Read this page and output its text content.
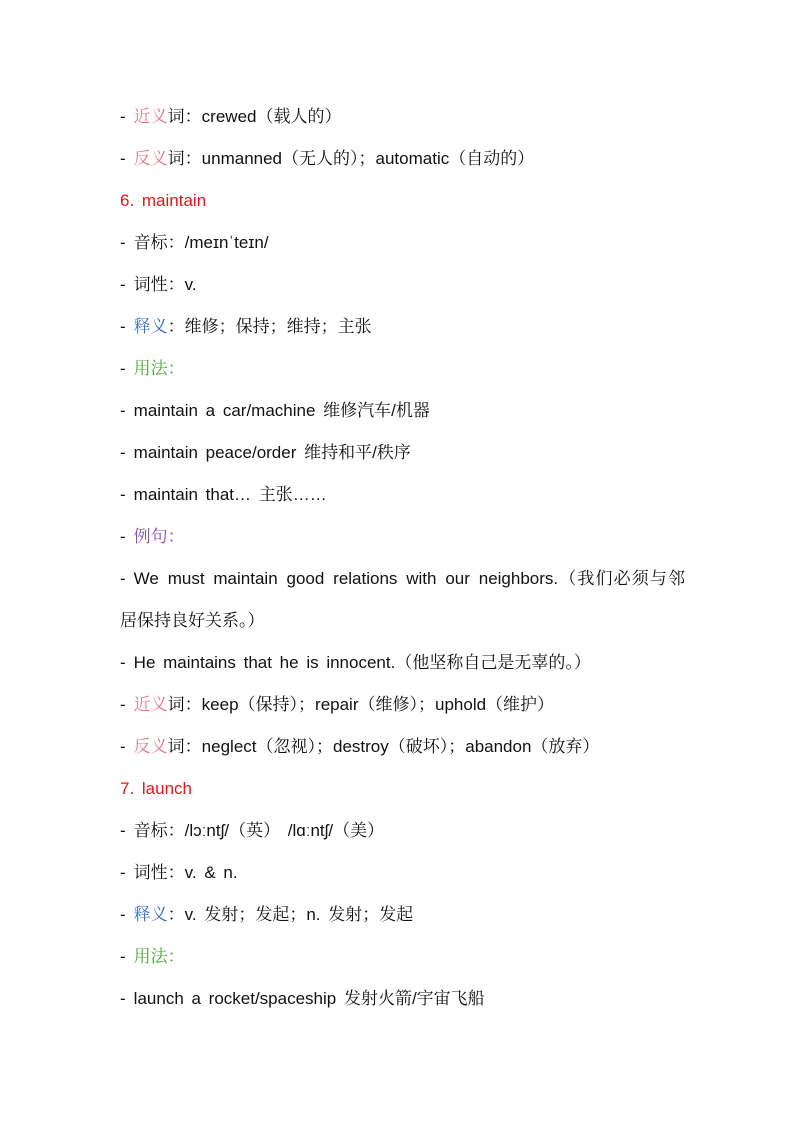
- 近义词：crewed（载人的）
- 反义词：unmanned（无人的）；automatic（自动的）
6. maintain
- 音标：/meɪnˈteɪn/
- 词性：v.
- 释义：维修；保持；维持；主张
- 用法：
- maintain a car/machine 维修汽车/机器
- maintain peace/order 维持和平/秩序
- maintain that… 主张……
- 例句：
- We must maintain good relations with our neighbors.（我们必须与邻居保持良好关系。）
- He maintains that he is innocent.（他坚称自己是无辜的。）
- 近义词：keep（保持）；repair（维修）；uphold（维护）
- 反义词：neglect（忽视）；destroy（破坏）；abandon（放弃）
7. launch
- 音标：/lɔːntʃ/（英） /lɑːntʃ/（美）
- 词性：v. & n.
- 释义：v. 发射；发起；n. 发射；发起
- 用法：
- launch a rocket/spaceship 发射火箭/宇宙飞船
